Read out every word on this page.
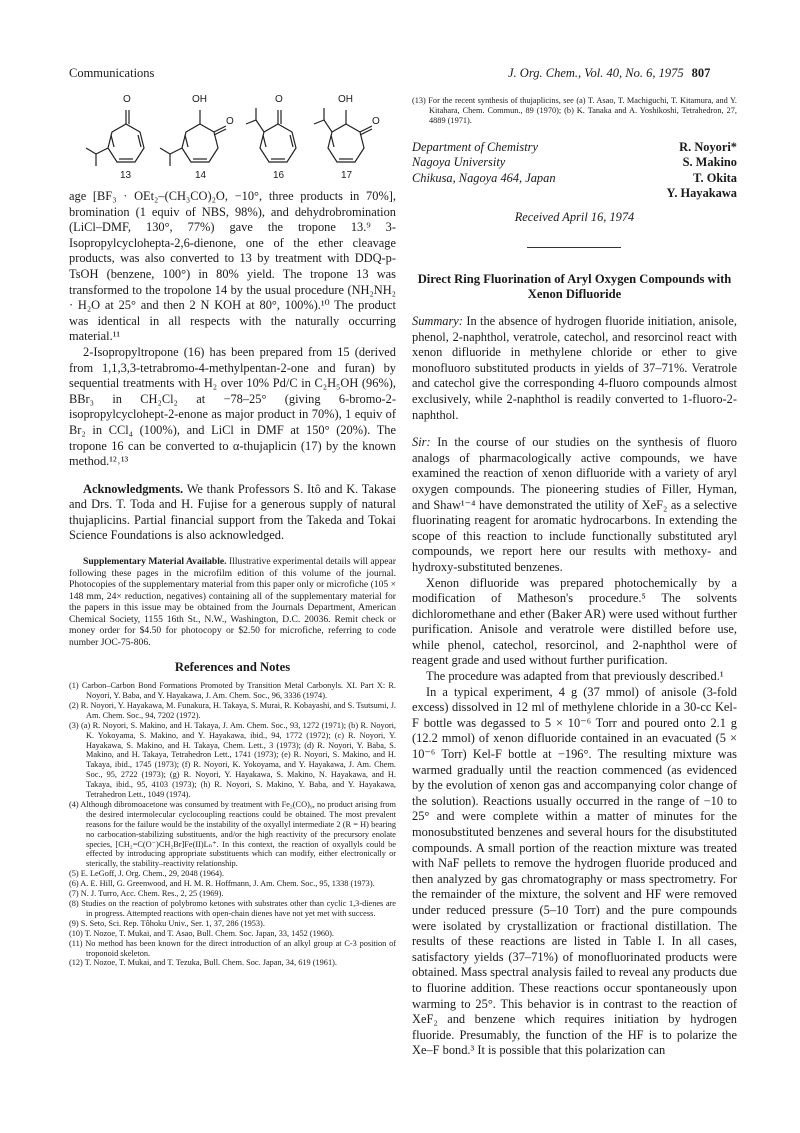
Communications	J. Org. Chem., Vol. 40, No. 6, 1975 807
O	OH
O
O	OH
O
13	14	16	17

age [BF₃ · OEt₂–(CH₃CO)₂O, −10°, three products in 70%], bromination (1 equiv of NBS, 98%), and dehydrobromination (LiCl–DMF, 130°, 77%) gave the tropone 13.⁹ 3-Isopropylcyclohepta-2,6-dienone, one of the ether cleavage products, was also converted to 13 by treatment with DDQ-p-TsOH (benzene, 100°) in 80% yield. The tropone 13 was transformed to the tropolone 14 by the usual procedure (NH₂NH₂ · H₂O at 25° and then 2 N KOH at 80°, 100%).¹⁰ The product was identical in all respects with the naturally occurring material.¹¹

2-Isopropyltropone (16) has been prepared from 15 (derived from 1,1,3,3-tetrabromo-4-methylpentan-2-one and furan) by sequential treatments with H₂ over 10% Pd/C in C₂H₅OH (96%), BBr₃ in CH₂Cl₂ at −78–25° (giving 6-bromo-2-isopropylcyclohept-2-enone as major product in 70%), 1 equiv of Br₂ in CCl₄ (100%), and LiCl in DMF at 150° (20%). The tropone 16 can be converted to α-thujaplicin (17) by the known method.¹²˒¹³

Acknowledgments. We thank Professors S. Itô and K. Takase and Drs. T. Toda and H. Fujise for a generous supply of natural thujaplicins. Partial financial support from the Takeda and Tokai Science Foundations is also acknowledged.

Supplementary Material Available. Illustrative experimental details will appear following these pages in the microfilm edition of this volume of the journal. Photocopies of the supplementary material from this paper only or microfiche (105 × 148 mm, 24× reduction, negatives) containing all of the supplementary material for the papers in this issue may be obtained from the Journals Department, American Chemical Society, 1155 16th St., N.W., Washington, D.C. 20036. Remit check or money order for $4.50 for photocopy or $2.50 for microfiche, referring to code number JOC-75-806.

References and Notes

(1) Carbon–Carbon Bond Formations Promoted by Transition Metal Carbonyls. XI. Part X: R. Noyori, Y. Baba, and Y. Hayakawa, J. Am. Chem. Soc., 96, 3336 (1974).

(2) R. Noyori, Y. Hayakawa, M. Funakura, H. Takaya, S. Murai, R. Kobayashi, and S. Tsutsumi, J. Am. Chem. Soc., 94, 7202 (1972).

(3) (a) R. Noyori, S. Makino, and H. Takaya, J. Am. Chem. Soc., 93, 1272 (1971); (b) R. Noyori, K. Yokoyama, S. Makino, and Y. Hayakawa, ibid., 94, 1772 (1972); (c) R. Noyori, Y. Hayakawa, S. Makino, and H. Takaya, Chem. Lett., 3 (1973); (d) R. Noyori, Y. Baba, S. Makino, and H. Takaya, Tetrahedron Lett., 1741 (1973); (e) R. Noyori, S. Makino, and H. Takaya, ibid., 1745 (1973); (f) R. Noyori, K. Yokoyama, and Y. Hayakawa, J. Am. Chem. Soc., 95, 2722 (1973); (g) R. Noyori, Y. Hayakawa, S. Makino, N. Hayakawa, and H. Takaya, ibid., 95, 4103 (1973); (h) R. Noyori, S. Makino, Y. Baba, and Y. Hayakawa, Tetrahedron Lett., 1049 (1974).

(4) Although dibromoacetone was consumed by treatment with Fe₂(CO)₉, no product arising from the desired intermolecular cyclocoupling reactions could be obtained. The most prevalent reasons for the failure would be the instability of the oxyallyl intermediate 2 (R = H) bearing no carbocation-stabilizing substituents, and/or the high reactivity of the precursory enolate species, [CH₂=C(O⁻)CH₂Br]Fe(II)Lₙ⁺. In this context, the reaction of oxyallyls could be effected by introducing appropriate substituents which can modify, either electronically or sterically, the stability–reactivity relationship.

(5) E. LeGoff, J. Org. Chem., 29, 2048 (1964).

(6) A. E. Hill, G. Greenwood, and H. M. R. Hoffmann, J. Am. Chem. Soc., 95, 1338 (1973).

(7) N. J. Turro, Acc. Chem. Res., 2, 25 (1969).

(8) Studies on the reaction of polybromo ketones with substrates other than cyclic 1,3-dienes are in progress. Attempted reactions with open-chain dienes have not yet met with success.

(9) S. Seto, Sci. Rep. Tôhoku Univ., Ser. 1, 37, 286 (1953).

(10) T. Nozoe, T. Mukai, and T. Asao, Bull. Chem. Soc. Japan, 33, 1452 (1960).

(11) No method has been known for the direct introduction of an alkyl group at C-3 position of troponoid skeleton.

(12) T. Nozoe, T. Mukai, and T. Tezuka, Bull. Chem. Soc. Japan, 34, 619 (1961).

(13) For the recent synthesis of thujaplicins, see (a) T. Asao, T. Machiguchi, T. Kitamura, and Y. Kitahara, Chem. Commun., 89 (1970); (b) K. Tanaka and A. Yoshikoshi, Tetrahedron, 27, 4889 (1971).

Department of Chemistry	R. Noyori*
Nagoya University	S. Makino
Chikusa, Nagoya 464, Japan	T. Okita
Y. Hayakawa
Received April 16, 1974

Direct Ring Fluorination of Aryl Oxygen Compounds with Xenon Difluoride

Summary: In the absence of hydrogen fluoride initiation, anisole, phenol, 2-naphthol, veratrole, catechol, and resorcinol react with xenon difluoride in methylene chloride or ether to give monofluoro substituted products in yields of 37–71%. Veratrole and catechol give the corresponding 4-fluoro compounds almost exclusively, while 2-naphthol is readily converted to 1-fluoro-2-naphthol.

Sir: In the course of our studies on the synthesis of fluoro analogs of pharmacologically active compounds, we have examined the reaction of xenon difluoride with a variety of aryl oxygen compounds. The pioneering studies of Filler, Hyman, and Shaw¹⁻⁴ have demonstrated the utility of XeF₂ as a selective fluorinating reagent for aromatic hydrocarbons. In extending the scope of this reaction to include functionally substituted aryl compounds, we report here our results with methoxy- and hydroxy-substituted benzenes.

Xenon difluoride was prepared photochemically by a modification of Matheson's procedure.⁵ The solvents dichloromethane and ether (Baker AR) were used without further purification. Anisole and veratrole were distilled before use, while phenol, catechol, resorcinol, and 2-naphthol were of reagent grade and used without further purification.

The procedure was adapted from that previously described.¹

In a typical experiment, 4 g (37 mmol) of anisole (3-fold excess) dissolved in 12 ml of methylene chloride in a 30-cc Kel-F bottle was degassed to 5 × 10⁻⁶ Torr and poured onto 2.1 g (12.2 mmol) of xenon difluoride contained in an evacuated (5 × 10⁻⁶ Torr) Kel-F bottle at −196°. The resulting mixture was warmed gradually until the reaction commenced (as evidenced by the evolution of xenon gas and accompanying color change of the solution). Reactions usually occurred in the range of −10 to 25° and were complete within a matter of minutes for the monosubstituted benzenes and several hours for the disubstituted compounds. A small portion of the reaction mixture was treated with NaF pellets to remove the hydrogen fluoride produced and then analyzed by gas chromatography or mass spectrometry. For the remainder of the mixture, the solvent and HF were removed under reduced pressure (5–10 Torr) and the pure compounds were isolated by crystallization or fractional distillation. The results of these reactions are listed in Table I. In all cases, satisfactory yields (37–71%) of monofluorinated products were obtained. Mass spectral analysis failed to reveal any products due to fluorine addition. These reactions occur spontaneously upon warming to 25°. This behavior is in contrast to the reaction of XeF₂ and benzene which requires initiation by hydrogen fluoride. Presumably, the function of the HF is to polarize the Xe–F bond.³ It is possible that this polarization can
